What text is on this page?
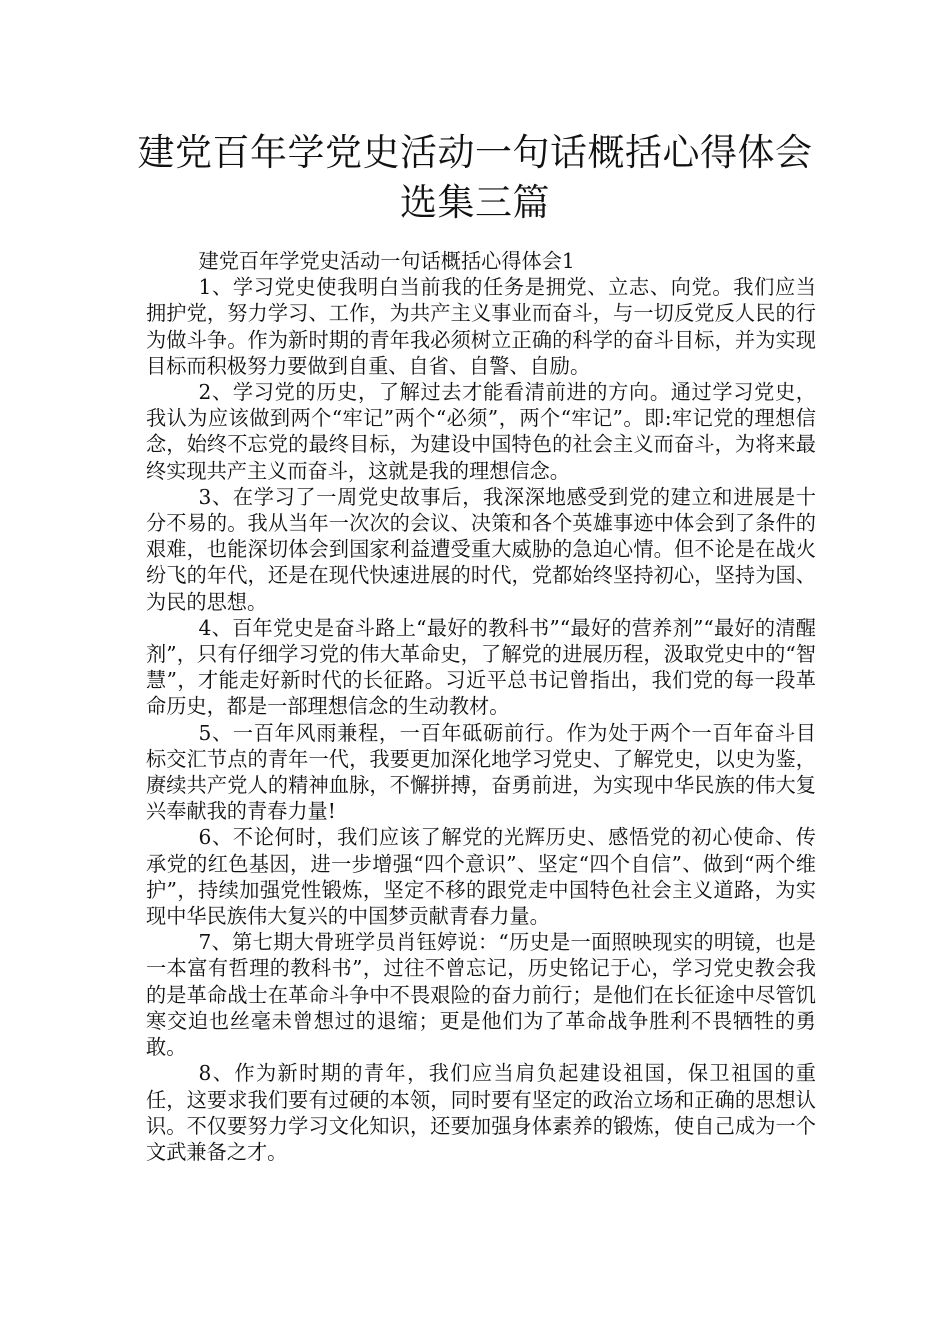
建党百年学党史活动一句话概括心得体会
选集三篇

建党百年学党史活动一句话概括心得体会1

1、学习党史使我明白当前我的任务是拥党、立志、向党。我们应当拥护党，努力学习、工作，为共产主义事业而奋斗，与一切反党反人民的行为做斗争。作为新时期的青年我必须树立正确的科学的奋斗目标，并为实现目标而积极努力要做到自重、自省、自警、自励。

2、学习党的历史，了解过去才能看清前进的方向。通过学习党史，我认为应该做到两个“牢记”两个“必须”，两个“牢记”。即:牢记党的理想信念，始终不忘党的最终目标，为建设中国特色的社会主义而奋斗，为将来最终实现共产主义而奋斗，这就是我的理想信念。

3、在学习了一周党史故事后，我深深地感受到党的建立和进展是十分不易的。我从当年一次次的会议、决策和各个英雄事迹中体会到了条件的艰难，也能深切体会到国家利益遭受重大威胁的急迫心情。但不论是在战火纷飞的年代，还是在现代快速进展的时代，党都始终坚持初心，坚持为国、为民的思想。

4、百年党史是奋斗路上“最好的教科书”“最好的营养剂”“最好的清醒剂”，只有仔细学习党的伟大革命史，了解党的进展历程，汲取党史中的“智慧”，才能走好新时代的长征路。习近平总书记曾指出，我们党的每一段革命历史，都是一部理想信念的生动教材。

5、一百年风雨兼程，一百年砥砺前行。作为处于两个一百年奋斗目标交汇节点的青年一代，我要更加深化地学习党史、了解党史，以史为鉴，赓续共产党人的精神血脉，不懈拼搏，奋勇前进，为实现中华民族的伟大复兴奉献我的青春力量!

6、不论何时，我们应该了解党的光辉历史、感悟党的初心使命、传承党的红色基因，进一步增强“四个意识”、坚定“四个自信”、做到“两个维护”，持续加强党性锻炼，坚定不移的跟党走中国特色社会主义道路，为实现中华民族伟大复兴的中国梦贡献青春力量。

7、第七期大骨班学员肖钰婷说：“历史是一面照映现实的明镜，也是一本富有哲理的教科书”，过往不曾忘记，历史铭记于心，学习党史教会我的是革命战士在革命斗争中不畏艰险的奋力前行；是他们在长征途中尽管饥寒交迫也丝毫未曾想过的退缩；更是他们为了革命战争胜利不畏牺牲的勇敢。

8、作为新时期的青年，我们应当肩负起建设祖国，保卫祖国的重任，这要求我们要有过硬的本领，同时要有坚定的政治立场和正确的思想认识。不仅要努力学习文化知识，还要加强身体素养的锻炼，使自己成为一个文武兼备之才。
